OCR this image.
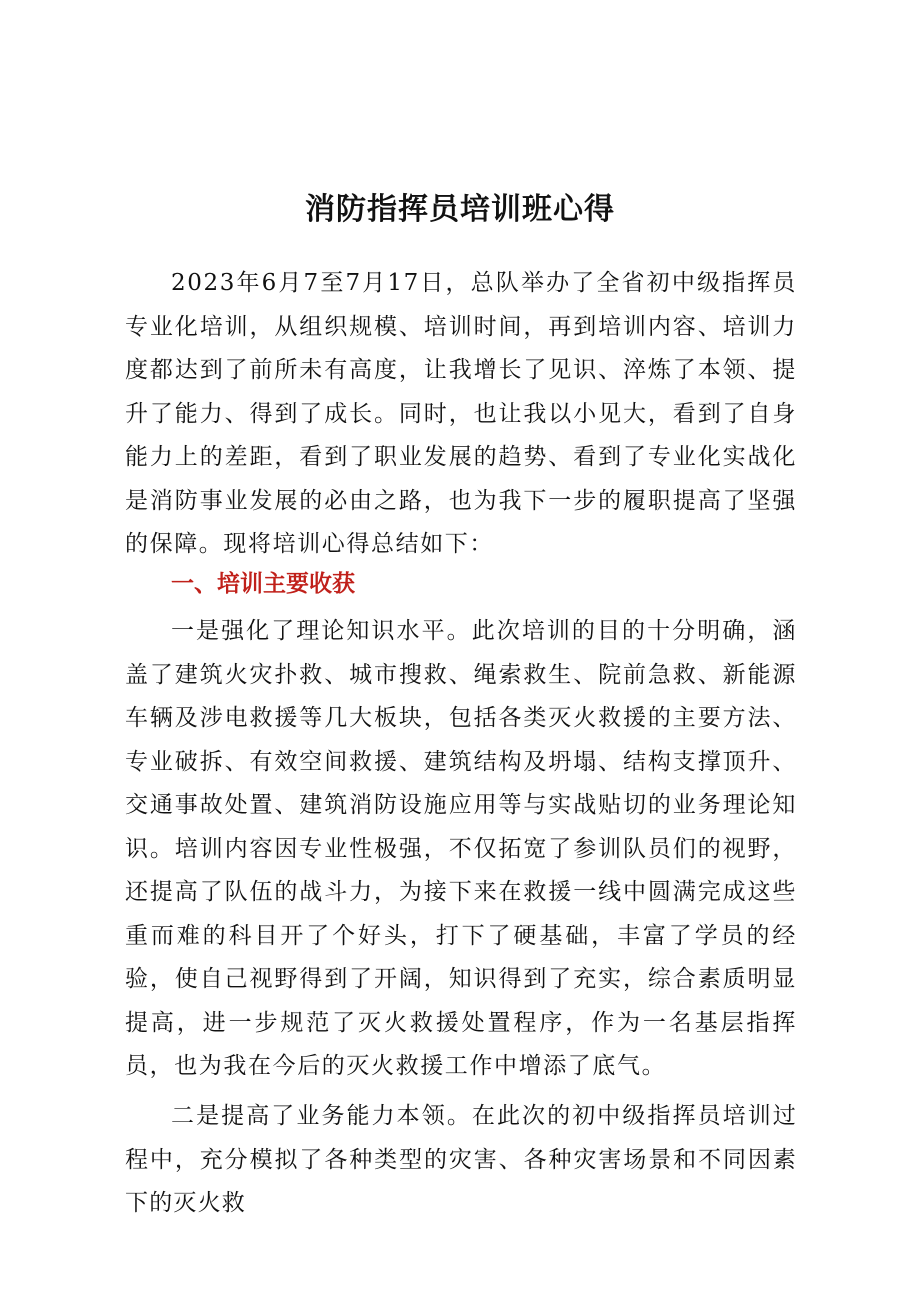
消防指挥员培训班心得

2023年6月7至7月17日，总队举办了全省初中级指挥员专业化培训，从组织规模、培训时间，再到培训内容、培训力度都达到了前所未有高度，让我增长了见识、淬炼了本领、提升了能力、得到了成长。同时，也让我以小见大，看到了自身能力上的差距，看到了职业发展的趋势、看到了专业化实战化是消防事业发展的必由之路，也为我下一步的履职提高了坚强的保障。现将培训心得总结如下：

一、培训主要收获

一是强化了理论知识水平。此次培训的目的十分明确，涵盖了建筑火灾扑救、城市搜救、绳索救生、院前急救、新能源车辆及涉电救援等几大板块，包括各类灭火救援的主要方法、专业破拆、有效空间救援、建筑结构及坍塌、结构支撑顶升、交通事故处置、建筑消防设施应用等与实战贴切的业务理论知识。培训内容因专业性极强，不仅拓宽了参训队员们的视野，还提高了队伍的战斗力，为接下来在救援一线中圆满完成这些重而难的科目开了个好头，打下了硬基础，丰富了学员的经验，使自己视野得到了开阔，知识得到了充实，综合素质明显提高，进一步规范了灭火救援处置程序，作为一名基层指挥员，也为我在今后的灭火救援工作中增添了底气。

二是提高了业务能力本领。在此次的初中级指挥员培训过程中，充分模拟了各种类型的灾害、各种灾害场景和不同因素下的灭火救
